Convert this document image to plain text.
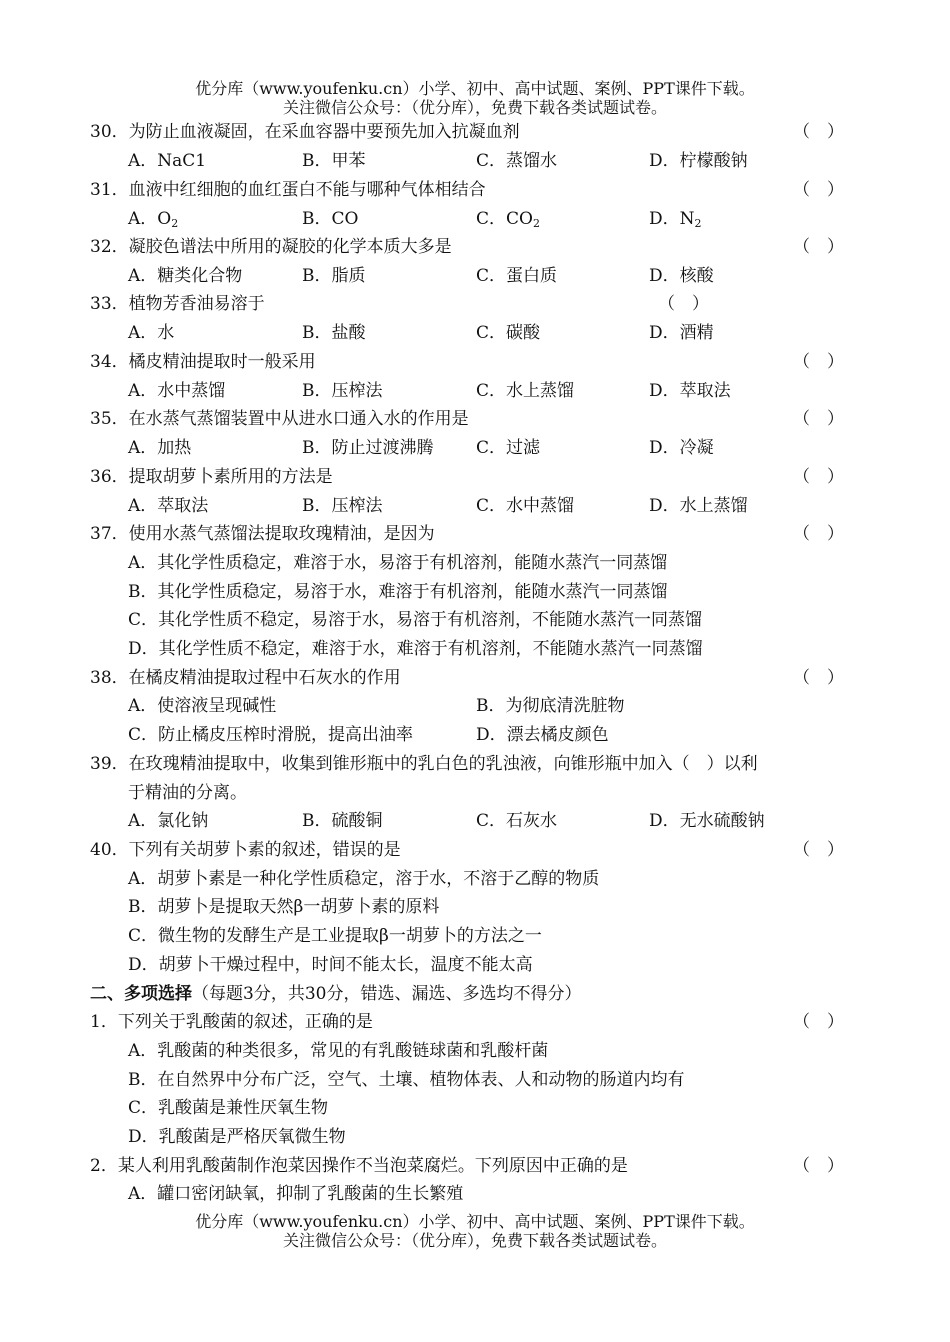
优分库（www.youfenku.cn）小学、初中、高中试题、案例、PPT课件下载。
关注微信公众号：（优分库），免费下载各类试题试卷。
30．为防止血液凝固，在采血容器中要预先加入抗凝血剂	（　）
A．NaC1	B．甲苯	C．蒸馏水	D．柠檬酸钠
31．血液中红细胞的血红蛋白不能与哪种气体相结合	（　）
A．$O_2$	B．CO	C．$CO_2$	D．$N_2$
32．凝胶色谱法中所用的凝胶的化学本质大多是	（　）
A．糖类化合物	B．脂质	C．蛋白质	D．核酸
33．植物芳香油易溶于	（　）
A．水	B．盐酸	C．碳酸	D．酒精
34．橘皮精油提取时一般采用	（　）
A．水中蒸馏	B．压榨法	C．水上蒸馏	D．萃取法
35．在水蒸气蒸馏装置中从进水口通入水的作用是	（　）
A．加热	B．防止过渡沸腾	C．过滤	D．冷凝
36．提取胡萝卜素所用的方法是	（　）
A．萃取法	B．压榨法	C．水中蒸馏	D．水上蒸馏
37．使用水蒸气蒸馏法提取玫瑰精油，是因为	（　）
A．其化学性质稳定，难溶于水，易溶于有机溶剂，能随水蒸汽一同蒸馏
B．其化学性质稳定，易溶于水，难溶于有机溶剂，能随水蒸汽一同蒸馏
C．其化学性质不稳定，易溶于水，易溶于有机溶剂，不能随水蒸汽一同蒸馏
D．其化学性质不稳定，难溶于水，难溶于有机溶剂，不能随水蒸汽一同蒸馏
38．在橘皮精油提取过程中石灰水的作用	（　）
A．使溶液呈现碱性	B．为彻底清洗脏物
C．防止橘皮压榨时滑脱，提高出油率	D．漂去橘皮颜色
39．在玫瑰精油提取中，收集到锥形瓶中的乳白色的乳浊液，向锥形瓶中加入（　）以利
于精油的分离。
A．氯化钠	B．硫酸铜	C．石灰水	D．无水硫酸钠
40．下列有关胡萝卜素的叙述，错误的是	（　）
A．胡萝卜素是一种化学性质稳定，溶于水，不溶于乙醇的物质
B．胡萝卜是提取天然β一胡萝卜素的原料
C．微生物的发酵生产是工业提取β一胡萝卜的方法之一
D．胡萝卜干燥过程中，时间不能太长，温度不能太高
二、多项选择（每题3分，共30分，错选、漏选、多选均不得分）
1．下列关于乳酸菌的叙述，正确的是	（　）
A．乳酸菌的种类很多，常见的有乳酸链球菌和乳酸杆菌
B．在自然界中分布广泛，空气、土壤、植物体表、人和动物的肠道内均有
C．乳酸菌是兼性厌氧生物
D．乳酸菌是严格厌氧微生物
2．某人利用乳酸菌制作泡菜因操作不当泡菜腐烂。下列原因中正确的是	（　）
A．罐口密闭缺氧，抑制了乳酸菌的生长繁殖
优分库（www.youfenku.cn）小学、初中、高中试题、案例、PPT课件下载。
关注微信公众号：（优分库），免费下载各类试题试卷。
